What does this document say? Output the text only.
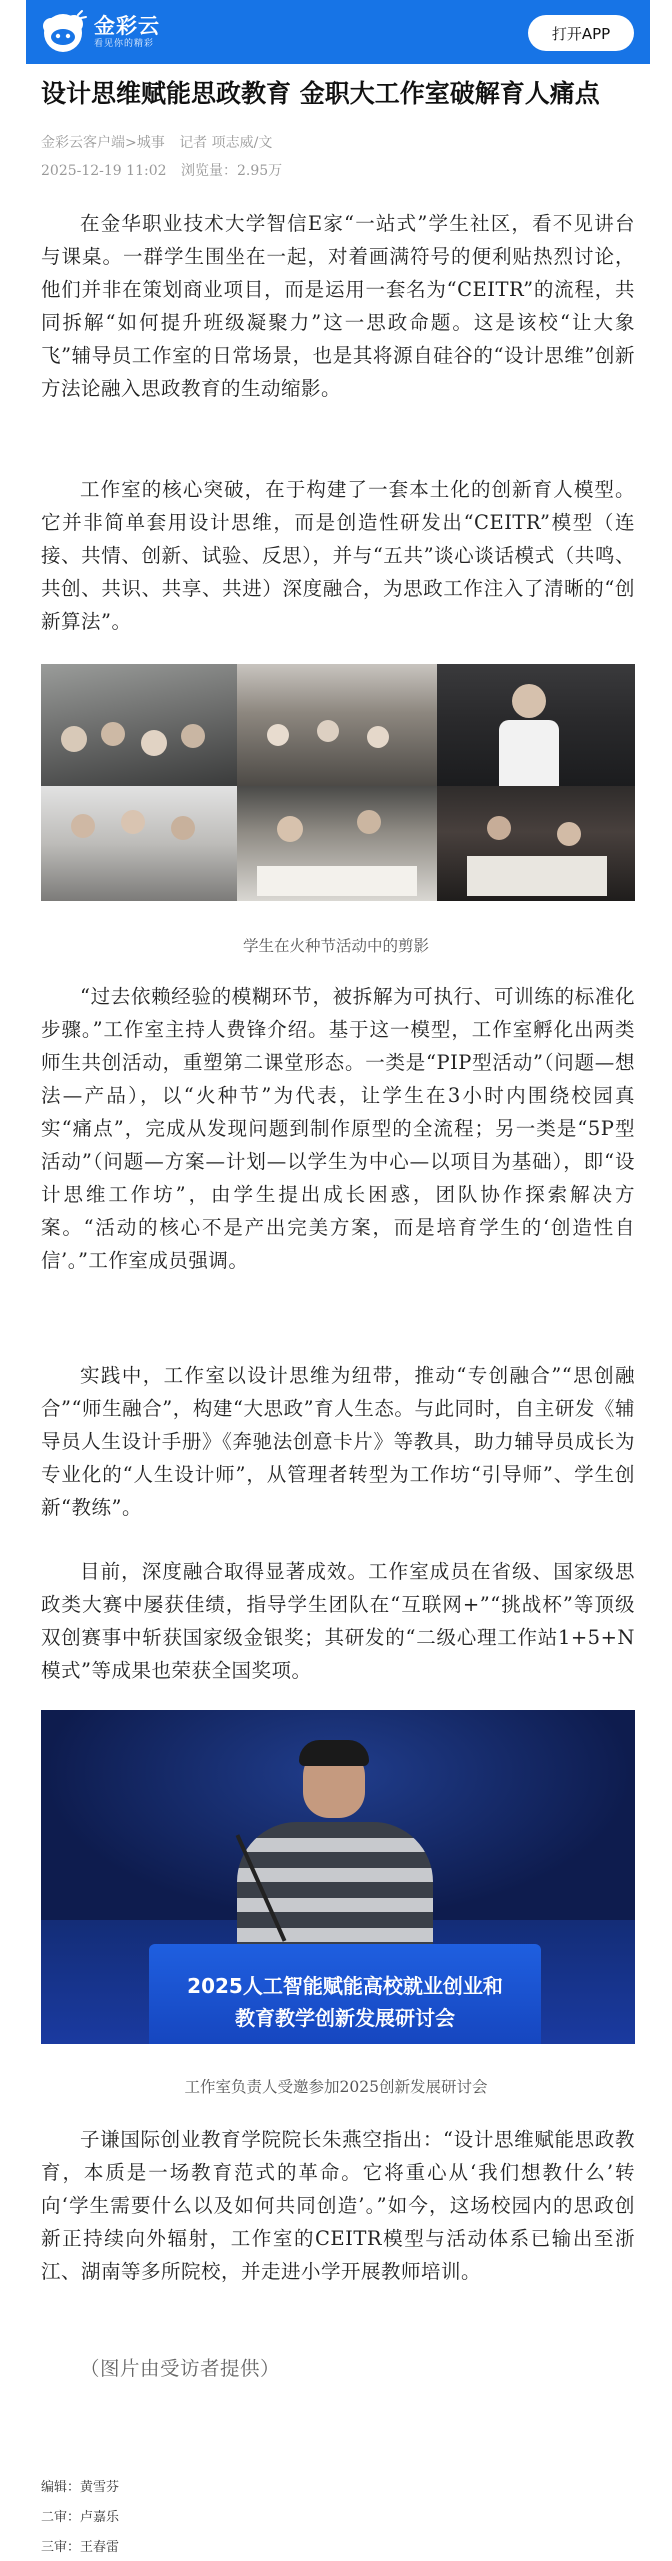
金彩云
看见你的精彩
打开APP
设计思维赋能思政教育 金职大工作室破解育人痛点
金彩云客户端>城事 记者 项志威/文
2025-12-19 11:02 浏览量：2.95万

在金华职业技术大学智信E家“一站式”学生社区，看不见讲台与课桌。一群学生围坐在一起，对着画满符号的便利贴热烈讨论，他们并非在策划商业项目，而是运用一套名为“CEITR”的流程，共同拆解“如何提升班级凝聚力”这一思政命题。这是该校“让大象飞”辅导员工作室的日常场景，也是其将源自硅谷的“设计思维”创新方法论融入思政教育的生动缩影。

工作室的核心突破，在于构建了一套本土化的创新育人模型。它并非简单套用设计思维，而是创造性研发出“CEITR”模型（连接、共情、创新、试验、反思），并与“五共”谈心谈话模式（共鸣、共创、共识、共享、共进）深度融合，为思政工作注入了清晰的“创新算法”。

学生在火种节活动中的剪影

“过去依赖经验的模糊环节，被拆解为可执行、可训练的标准化步骤。”工作室主持人费锋介绍。基于这一模型，工作室孵化出两类师生共创活动，重塑第二课堂形态。一类是“PIP型活动”（问题—想法—产品），以“火种节”为代表，让学生在3小时内围绕校园真实“痛点”，完成从发现问题到制作原型的全流程；另一类是“5P型活动”（问题—方案—计划—以学生为中心—以项目为基础），即“设计思维工作坊”，由学生提出成长困惑，团队协作探索解决方案。“活动的核心不是产出完美方案，而是培育学生的‘创造性自信’。”工作室成员强调。

实践中，工作室以设计思维为纽带，推动“专创融合”“思创融合”“师生融合”，构建“大思政”育人生态。与此同时，自主研发《辅导员人生设计手册》《奔驰法创意卡片》等教具，助力辅导员成长为专业化的“人生设计师”，从管理者转型为工作坊“引导师”、学生创新“教练”。

目前，深度融合取得显著成效。工作室成员在省级、国家级思政类大赛中屡获佳绩，指导学生团队在“互联网+”“挑战杯”等顶级双创赛事中斩获国家级金银奖；其研发的“二级心理工作站1+5+N模式”等成果也荣获全国奖项。

2025人工智能赋能高校就业创业和
教育教学创新发展研讨会
工作室负责人受邀参加2025创新发展研讨会

子谦国际创业教育学院院长朱燕空指出：“设计思维赋能思政教育，本质是一场教育范式的革命。它将重心从‘我们想教什么’转向‘学生需要什么以及如何共同创造’。”如今，这场校园内的思政创新正持续向外辐射，工作室的CEITR模型与活动体系已输出至浙江、湖南等多所院校，并走进小学开展教师培训。

（图片由受访者提供）

编辑：黄雪芬
二审：卢嘉乐
三审：王春雷
